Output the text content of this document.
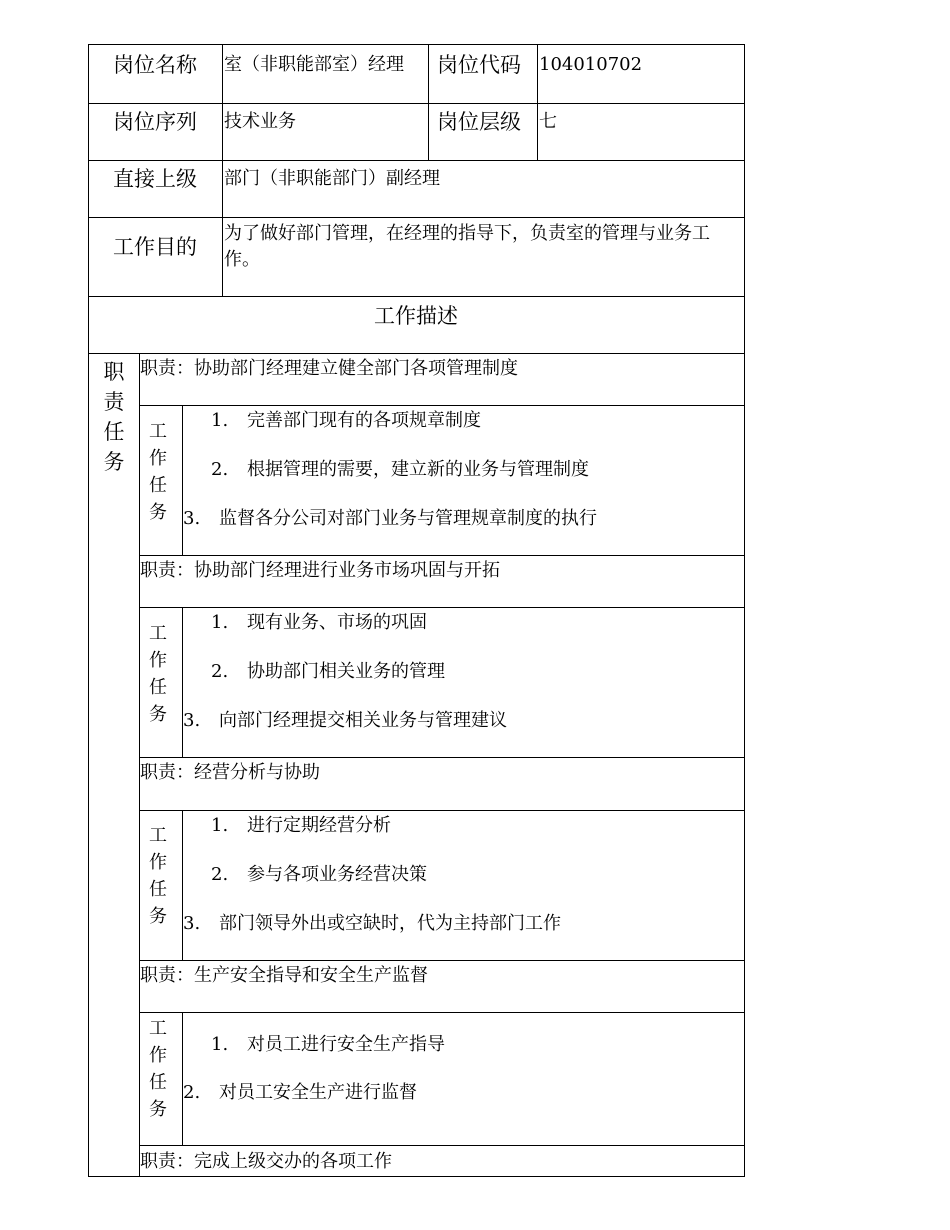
岗位名称 室（非职能部室）经理 岗位代码 104010702
岗位序列 技术业务	岗位层级 七
直接上级 部门（非职能部门）副经理
工作目的
为了做好部门管理，在经理的指导下，负责室的管理与业务工
作。
工作描述
职
责
任
务
职责：协助部门经理建立健全部门各项管理制度
工
作
任
务
1. 完善部门现有的各项规章制度
2. 根据管理的需要，建立新的业务与管理制度
3. 监督各分公司对部门业务与管理规章制度的执行
职责：协助部门经理进行业务市场巩固与开拓
工
作
任
务
1. 现有业务、市场的巩固
2. 协助部门相关业务的管理
3. 向部门经理提交相关业务与管理建议
职责：经营分析与协助
工
作
任
务
1. 进行定期经营分析
2. 参与各项业务经营决策
3. 部门领导外出或空缺时，代为主持部门工作
职责：生产安全指导和安全生产监督
工
作
任
务
1. 对员工进行安全生产指导
2. 对员工安全生产进行监督
职责：完成上级交办的各项工作
